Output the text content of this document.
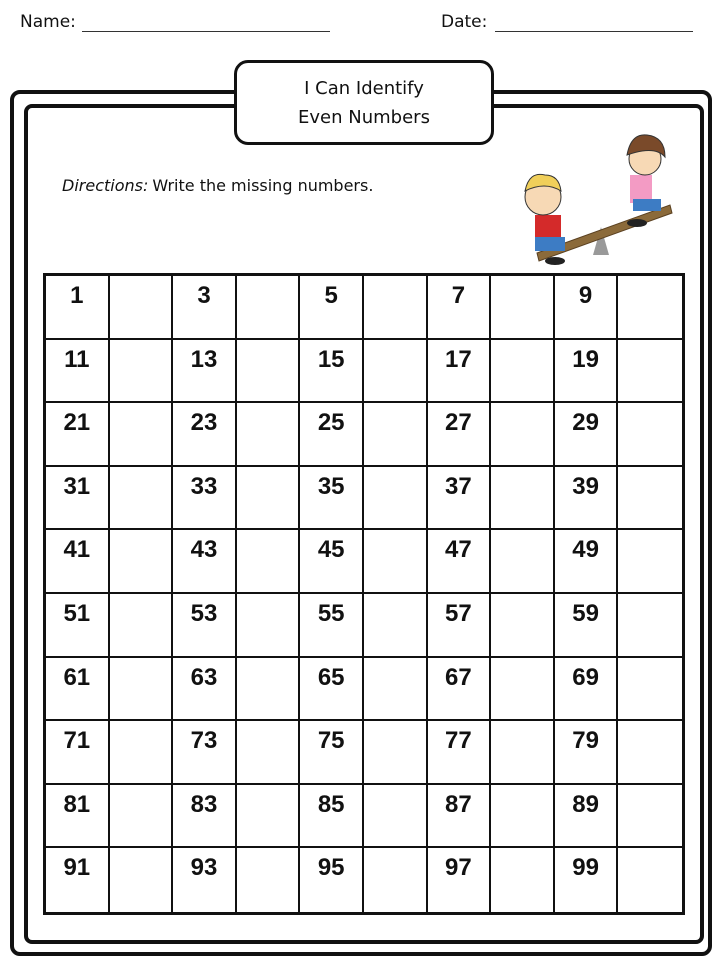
Name:	Date:
I Can Identify
Even Numbers
Directions: Write the missing numbers.
1	3	5	7	9
11	13	15	17	19
21	23	25	27	29
31	33	35	37	39
41	43	45	47	49
51	53	55	57	59
61	63	65	67	69
71	73	75	77	79
81	83	85	87	89
91	93	95	97	99
